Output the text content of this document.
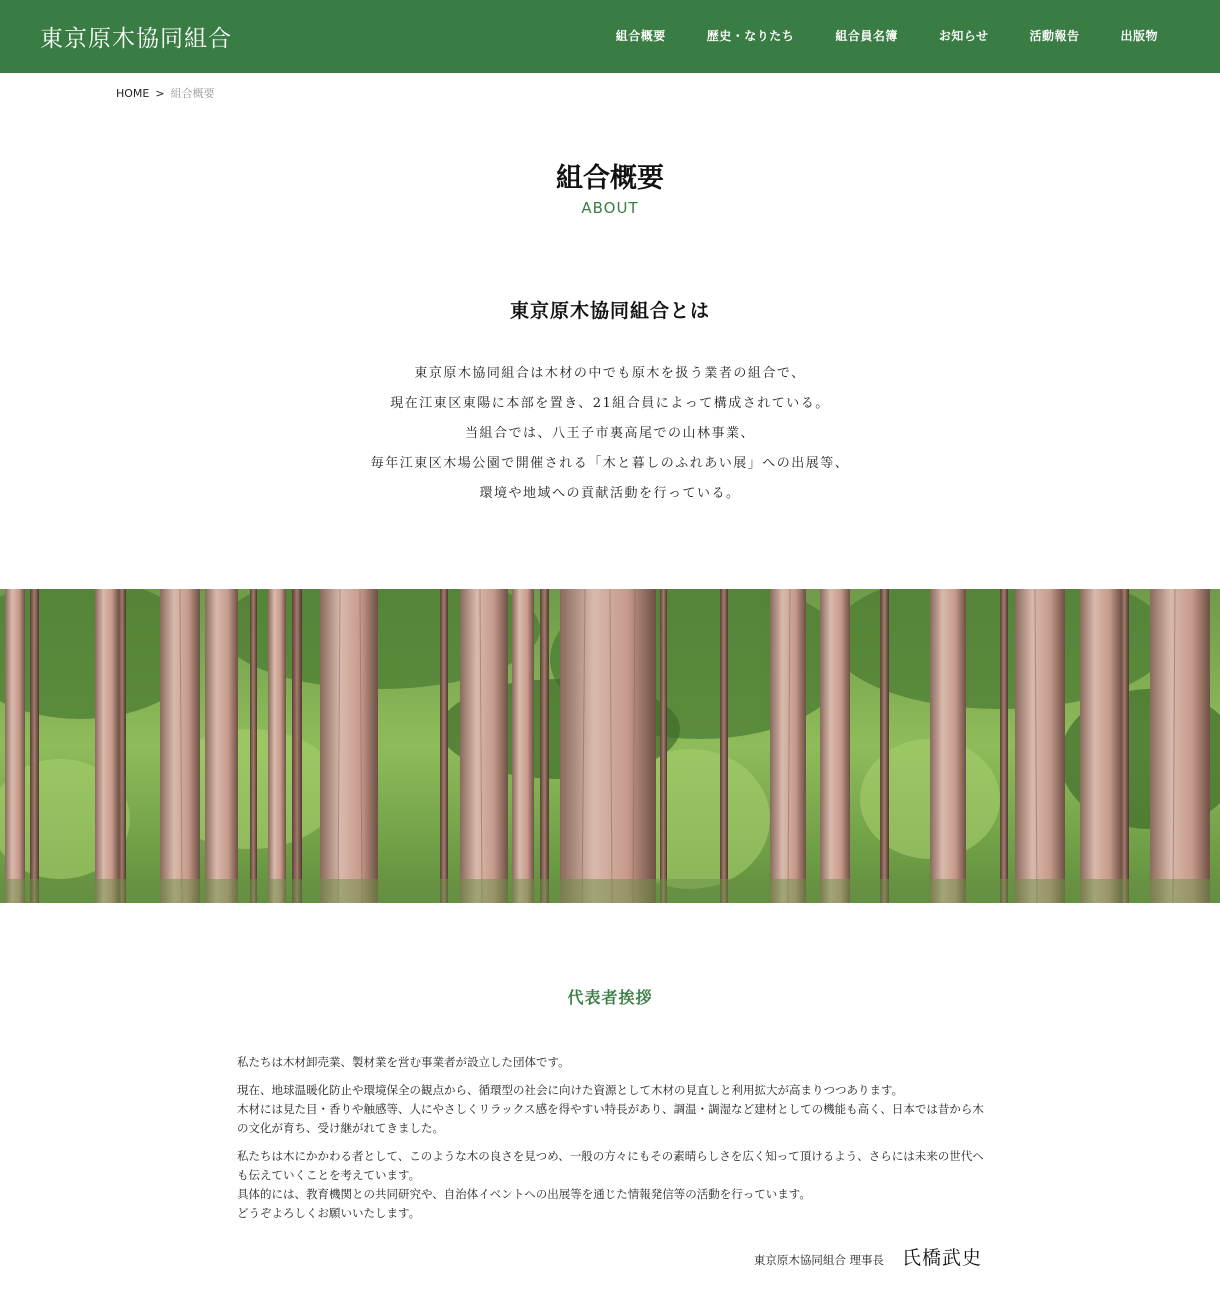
東京原木協同組合	組合概要	歴史・なりたち	組合員名簿	お知らせ	活動報告	出版物
HOME > 組合概要
組合概要
ABOUT
東京原木協同組合とは

東京原木協同組合は木材の中でも原木を扱う業者の組合で、

現在江東区東陽に本部を置き、21組合員によって構成されている。

当組合では、八王子市裏高尾での山林事業、

毎年江東区木場公園で開催される「木と暮しのふれあい展」への出展等、

環境や地域への貢献活動を行っている。

代表者挨拶

私たちは木材卸売業、製材業を営む事業者が設立した団体です。

現在、地球温暖化防止や環境保全の観点から、循環型の社会に向けた資源として木材の見直しと利用拡大が高まりつつあります。
木材には見た目・香りや触感等、人にやさしくリラックス感を得やすい特長があり、調温・調湿など建材としての機能も高く、日本では昔から木の文化が育ち、受け継がれてきました。

私たちは木にかかわる者として、このような木の良さを見つめ、一般の方々にもその素晴らしさを広く知って頂けるよう、さらには未来の世代へも伝えていくことを考えています。
具体的には、教育機関との共同研究や、自治体イベントへの出展等を通じた情報発信等の活動を行っています。
どうぞよろしくお願いいたします。

東京原木協同組合 理事長 氏橋武史
